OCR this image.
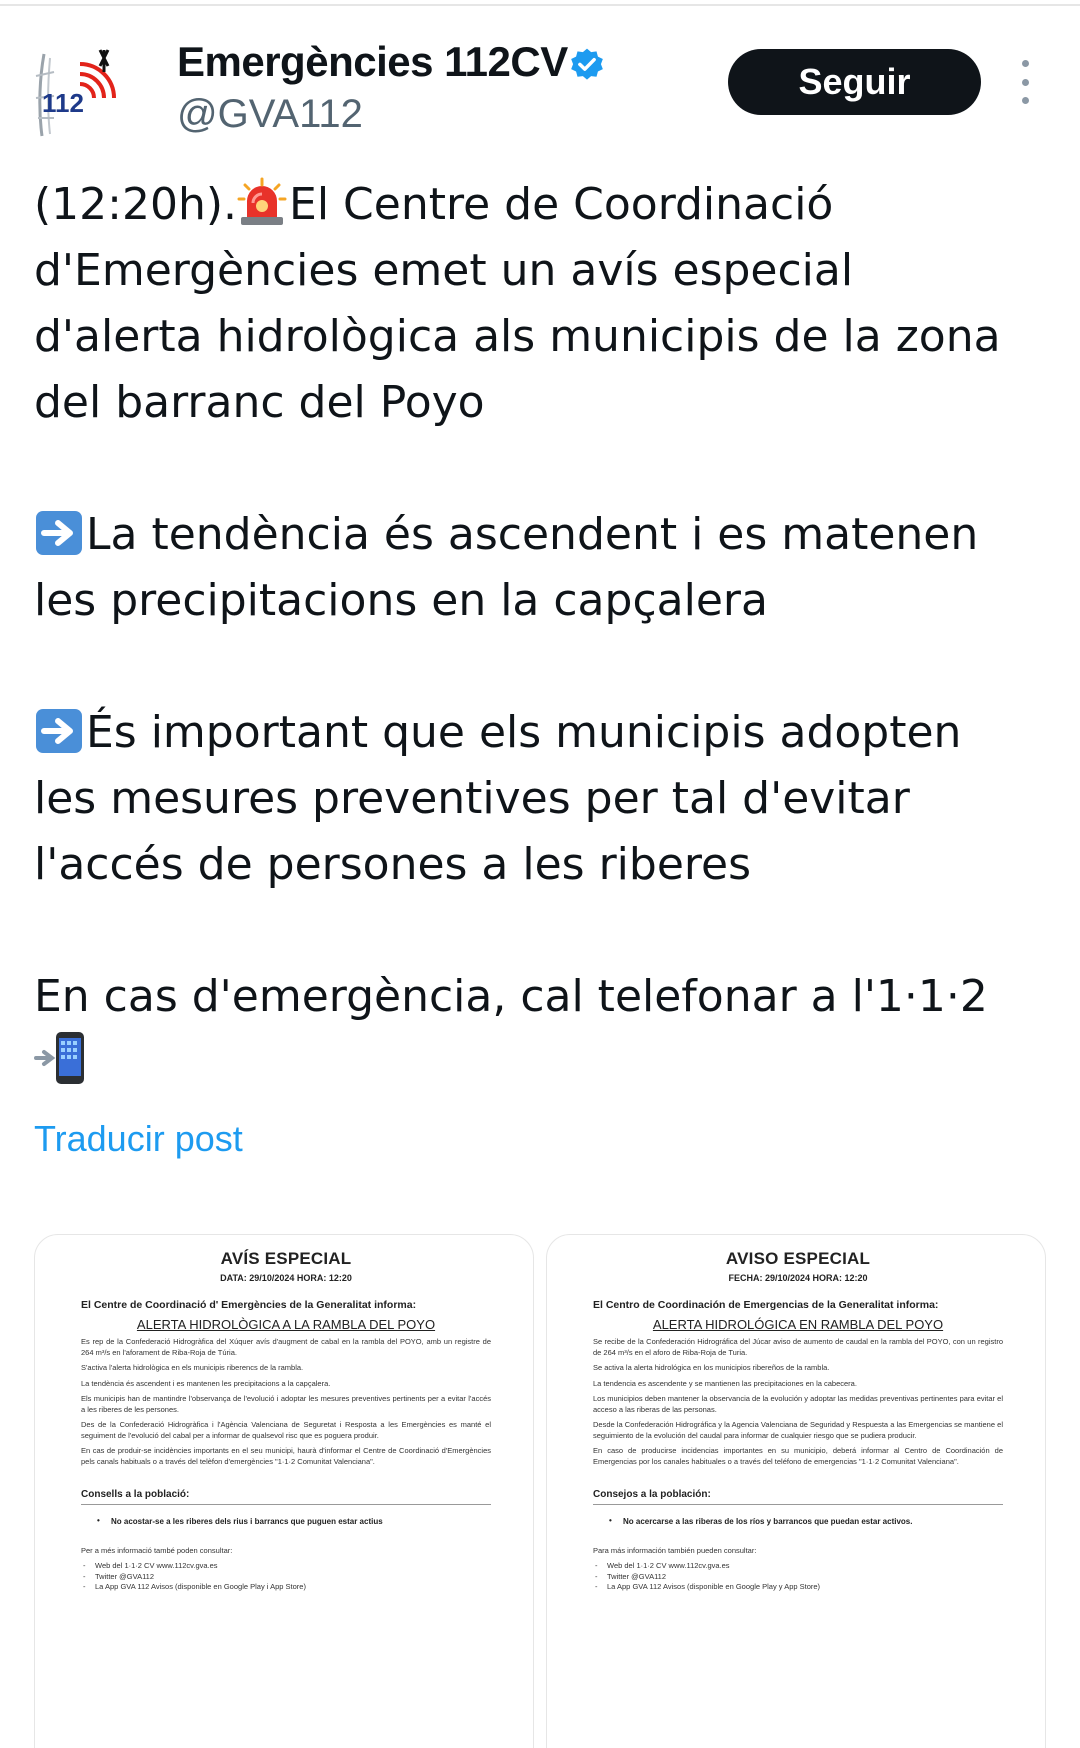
112
Emergències 112CV
@GVA112
Seguir
(12:20h). El Centre de Coordinació
d'Emergències emet un avís especial
d'alerta hidrològica als municipis de la zona
del barranc del Poyo
La tendència és ascendent i es matenen
les precipitacions en la capçalera
És important que els municipis adopten
les mesures preventives per tal d'evitar
l'accés de persones a les riberes
En cas d'emergència, cal telefonar a l'1·1·2
Traducir post
AVÍS ESPECIAL
DATA: 29/10/2024 HORA: 12:20
El Centre de Coordinació d' Emergències de la Generalitat informa:
ALERTA HIDROLÒGICA A LA RAMBLA DEL POYO
Es rep de la Confederació Hidrogràfica del Xúquer avís d'augment de cabal en la rambla del POYO, amb un registre de 264 m³/s en l'aforament de Riba-Roja de Túria.
S'activa l'alerta hidrològica en els municipis riberencs de la rambla.
La tendència és ascendent i es mantenen les precipitacions a la capçalera.
Els municipis han de mantindre l'observança de l'evolució i adoptar les mesures preventives pertinents per a evitar l'accés a les riberes de les persones.
Des de la Confederació Hidrogràfica i l'Agència Valenciana de Seguretat i Resposta a les Emergències es manté el seguiment de l'evolució del cabal per a informar de qualsevol risc que es poguera produir.
En cas de produir-se incidències importants en el seu municipi, haurà d'informar el Centre de Coordinació d'Emergències pels canals habituals o a través del telèfon d'emergències "1·1·2 Comunitat Valenciana".
Consells a la població:
• No acostar-se a les riberes dels rius i barrancs que puguen estar actius
Per a més informació també poden consultar:
- Web del 1·1·2 CV www.112cv.gva.es
- Twitter @GVA112
- La App GVA 112 Avisos (disponible en Google Play i App Store)
AVISO ESPECIAL
FECHA: 29/10/2024 HORA: 12:20
El Centro de Coordinación de Emergencias de la Generalitat informa:
ALERTA HIDROLÓGICA EN RAMBLA DEL POYO
Se recibe de la Confederación Hidrográfica del Júcar aviso de aumento de caudal en la rambla del POYO, con un registro de 264 m³/s en el aforo de Riba-Roja de Turia.
Se activa la alerta hidrológica en los municipios ribereños de la rambla.
La tendencia es ascendente y se mantienen las precipitaciones en la cabecera.
Los municipios deben mantener la observancia de la evolución y adoptar las medidas preventivas pertinentes para evitar el acceso a las riberas de las personas.
Desde la Confederación Hidrográfica y la Agencia Valenciana de Seguridad y Respuesta a las Emergencias se mantiene el seguimiento de la evolución del caudal para informar de cualquier riesgo que se pudiera producir.
En caso de producirse incidencias importantes en su municipio, deberá informar al Centro de Coordinación de Emergencias por los canales habituales o a través del teléfono de emergencias "1·1·2 Comunitat Valenciana".
Consejos a la población:
• No acercarse a las riberas de los ríos y barrancos que puedan estar activos.
Para más información también pueden consultar:
- Web del 1·1·2 CV www.112cv.gva.es
- Twitter @GVA112
- La App GVA 112 Avisos (disponible en Google Play y App Store)
